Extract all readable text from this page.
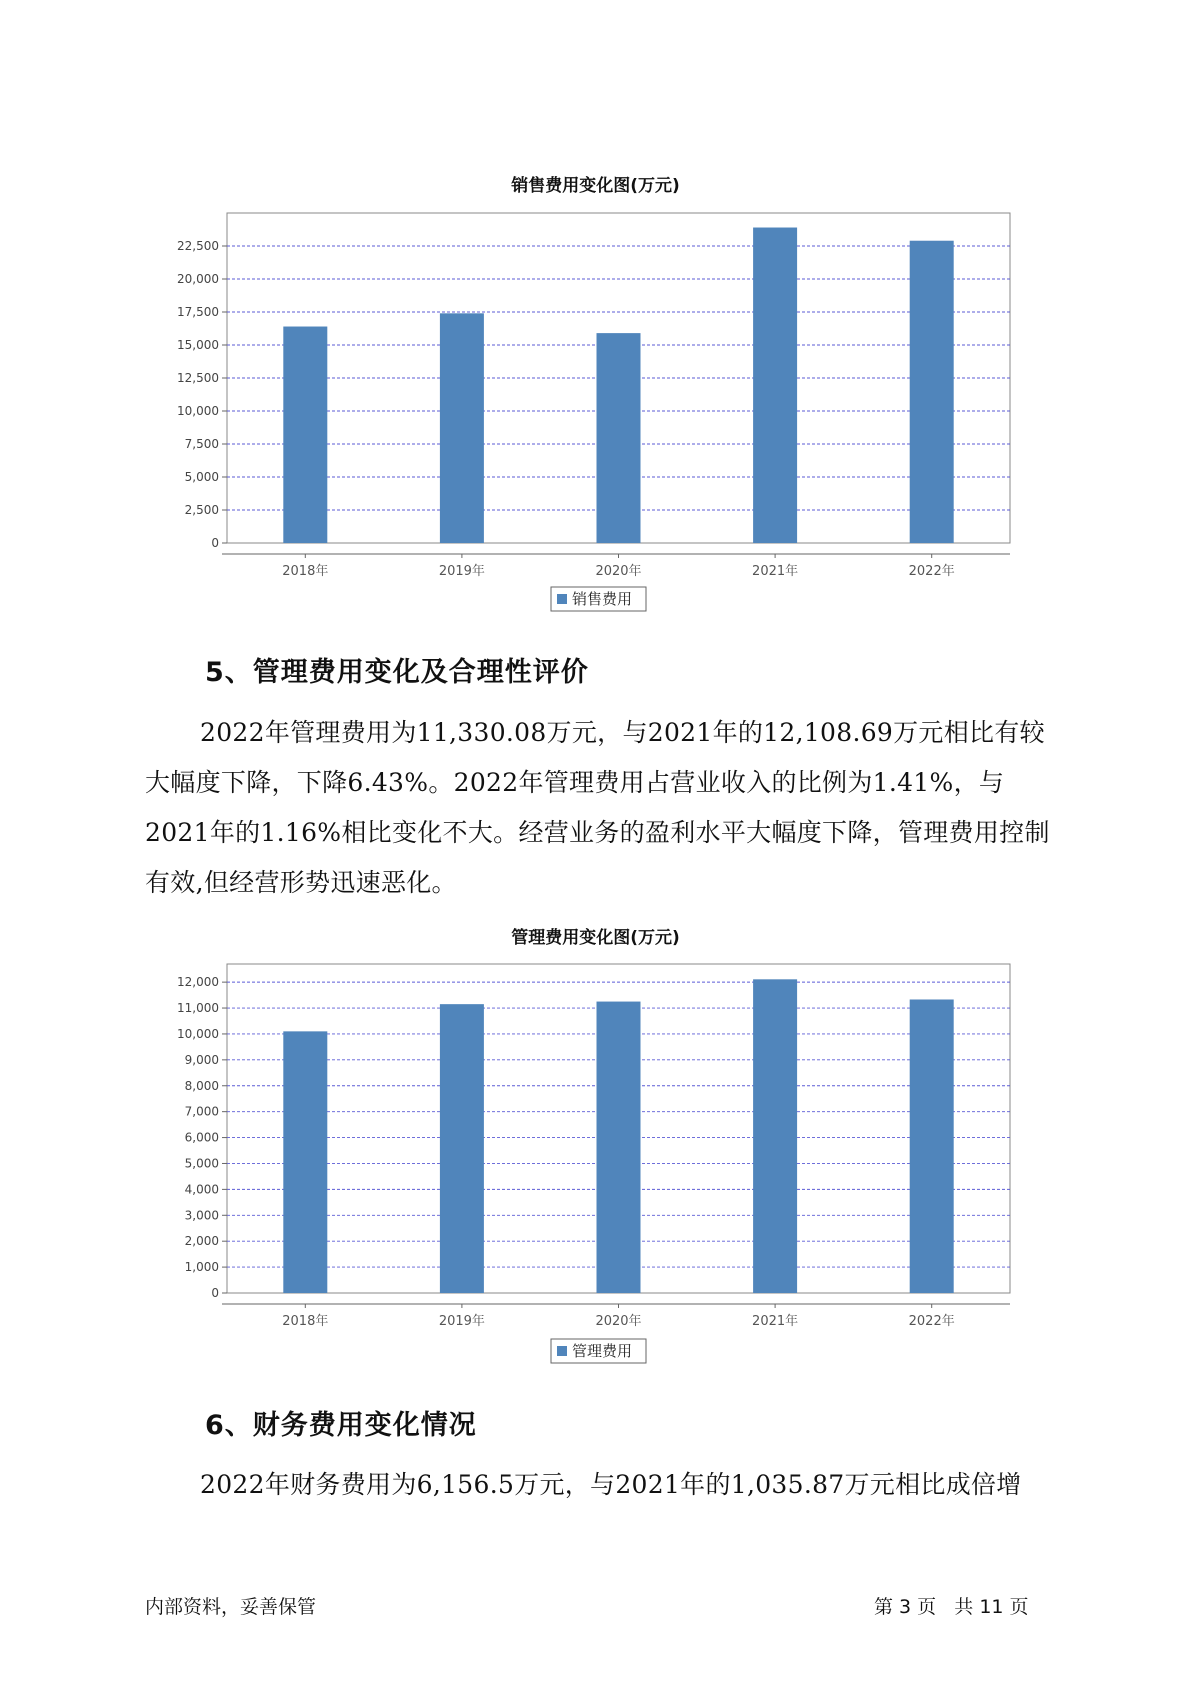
销售费用变化图(万元)
0
2,500
5,000
7,500
10,000
12,500
15,000
17,500
20,000
22,500
2018年	2019年	2020年	2021年	2022年
销售费用
5、管理费用变化及合理性评价
2022年管理费用为11,330.08万元，与2021年的12,108.69万元相比有较大幅度下降，下降6.43%。2022年管理费用占营业收入的比例为1.41%，与2021年的1.16%相比变化不大。经营业务的盈利水平大幅度下降，管理费用控制有效,但经营形势迅速恶化。
管理费用变化图(万元)
0
1,000
2,000
3,000
4,000
5,000
6,000
7,000
8,000
9,000
10,000
11,000
12,000
2018年	2019年	2020年	2021年	2022年
管理费用
6、财务费用变化情况
2022年财务费用为6,156.5万元，与2021年的1,035.87万元相比成倍增
内部资料，妥善保管	第 3 页   共 11 页
